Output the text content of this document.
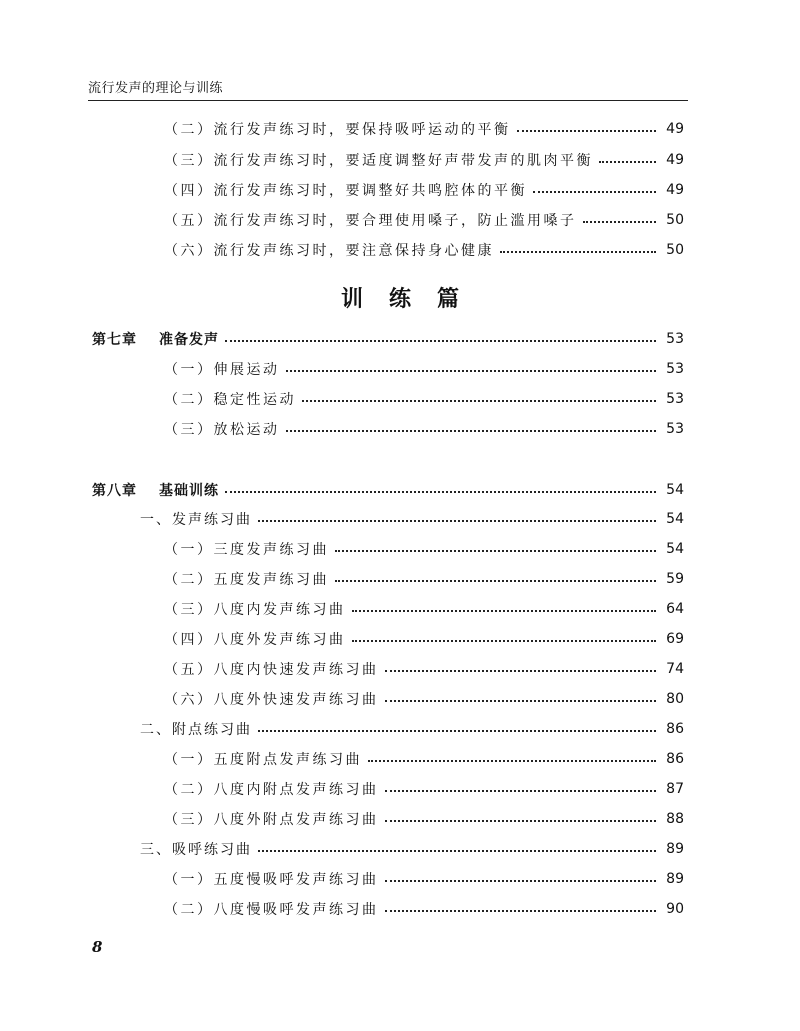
流行发声的理论与训练
（二）流行发声练习时，要保持吸呼运动的平衡	49
（三）流行发声练习时，要适度调整好声带发声的肌肉平衡	49
（四）流行发声练习时，要调整好共鸣腔体的平衡	49
（五）流行发声练习时，要合理使用嗓子，防止滥用嗓子	50
（六）流行发声练习时，要注意保持身心健康	50
训练篇
第七章 准备发声	53
（一）伸展运动	53
（二）稳定性运动	53
（三）放松运动	53
第八章 基础训练	54
一、发声练习曲	54
（一）三度发声练习曲	54
（二）五度发声练习曲	59
（三）八度内发声练习曲	64
（四）八度外发声练习曲	69
（五）八度内快速发声练习曲	74
（六）八度外快速发声练习曲	80
二、附点练习曲	86
（一）五度附点发声练习曲	86
（二）八度内附点发声练习曲	87
（三）八度外附点发声练习曲	88
三、吸呼练习曲	89
（一）五度慢吸呼发声练习曲	89
（二）八度慢吸呼发声练习曲	90
8
